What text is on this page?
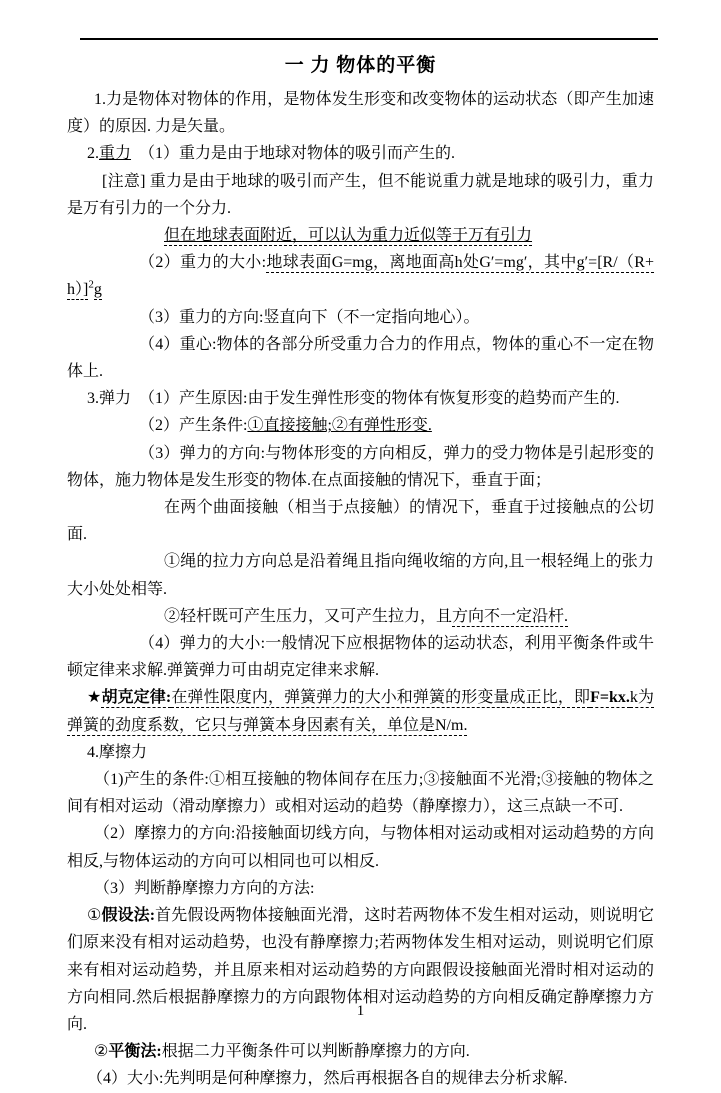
一 力 物体的平衡

1.力是物体对物体的作用，是物体发生形变和改变物体的运动状态（即产生加速度）的原因. 力是矢量。

2.重力　（1）重力是由于地球对物体的吸引而产生的.

[注意] 重力是由于地球的吸引而产生，但不能说重力就是地球的吸引力，重力是万有引力的一个分力.

但在地球表面附近，可以认为重力近似等于万有引力

（2）重力的大小:地球表面G=mg，离地面高h处G′=mg′，其中$g'=[R/(R+h)]^2g$

（3）重力的方向:竖直向下（不一定指向地心）。

（4）重心:物体的各部分所受重力合力的作用点，物体的重心不一定在物体上.

3.弹力　（1）产生原因:由于发生弹性形变的物体有恢复形变的趋势而产生的.

（2）产生条件:①直接接触;②有弹性形变.

（3）弹力的方向:与物体形变的方向相反，弹力的受力物体是引起形变的物体，施力物体是发生形变的物体.在点面接触的情况下，垂直于面；

在两个曲面接触（相当于点接触）的情况下，垂直于过接触点的公切面.

①绳的拉力方向总是沿着绳且指向绳收缩的方向,且一根轻绳上的张力大小处处相等.

②轻杆既可产生压力，又可产生拉力，且方向不一定沿杆.

（4）弹力的大小:一般情况下应根据物体的运动状态，利用平衡条件或牛顿定律来求解.弹簧弹力可由胡克定律来求解.

★胡克定律:在弹性限度内，弹簧弹力的大小和弹簧的形变量成正比，即F=kx.k为弹簧的劲度系数，它只与弹簧本身因素有关，单位是N/m.

4.摩擦力

（1)产生的条件:①相互接触的物体间存在压力;③接触面不光滑;③接触的物体之间有相对运动（滑动摩擦力）或相对运动的趋势（静摩擦力），这三点缺一不可.

（2）摩擦力的方向:沿接触面切线方向，与物体相对运动或相对运动趋势的方向相反,与物体运动的方向可以相同也可以相反.

（3）判断静摩擦力方向的方法:

①假设法:首先假设两物体接触面光滑，这时若两物体不发生相对运动，则说明它们原来没有相对运动趋势，也没有静摩擦力;若两物体发生相对运动，则说明它们原来有相对运动趋势，并且原来相对运动趋势的方向跟假设接触面光滑时相对运动的方向相同.然后根据静摩擦力的方向跟物体相对运动趋势的方向相反确定静摩擦力方向.

②平衡法:根据二力平衡条件可以判断静摩擦力的方向.

（4）大小:先判明是何种摩擦力，然后再根据各自的规律去分析求解.

1
